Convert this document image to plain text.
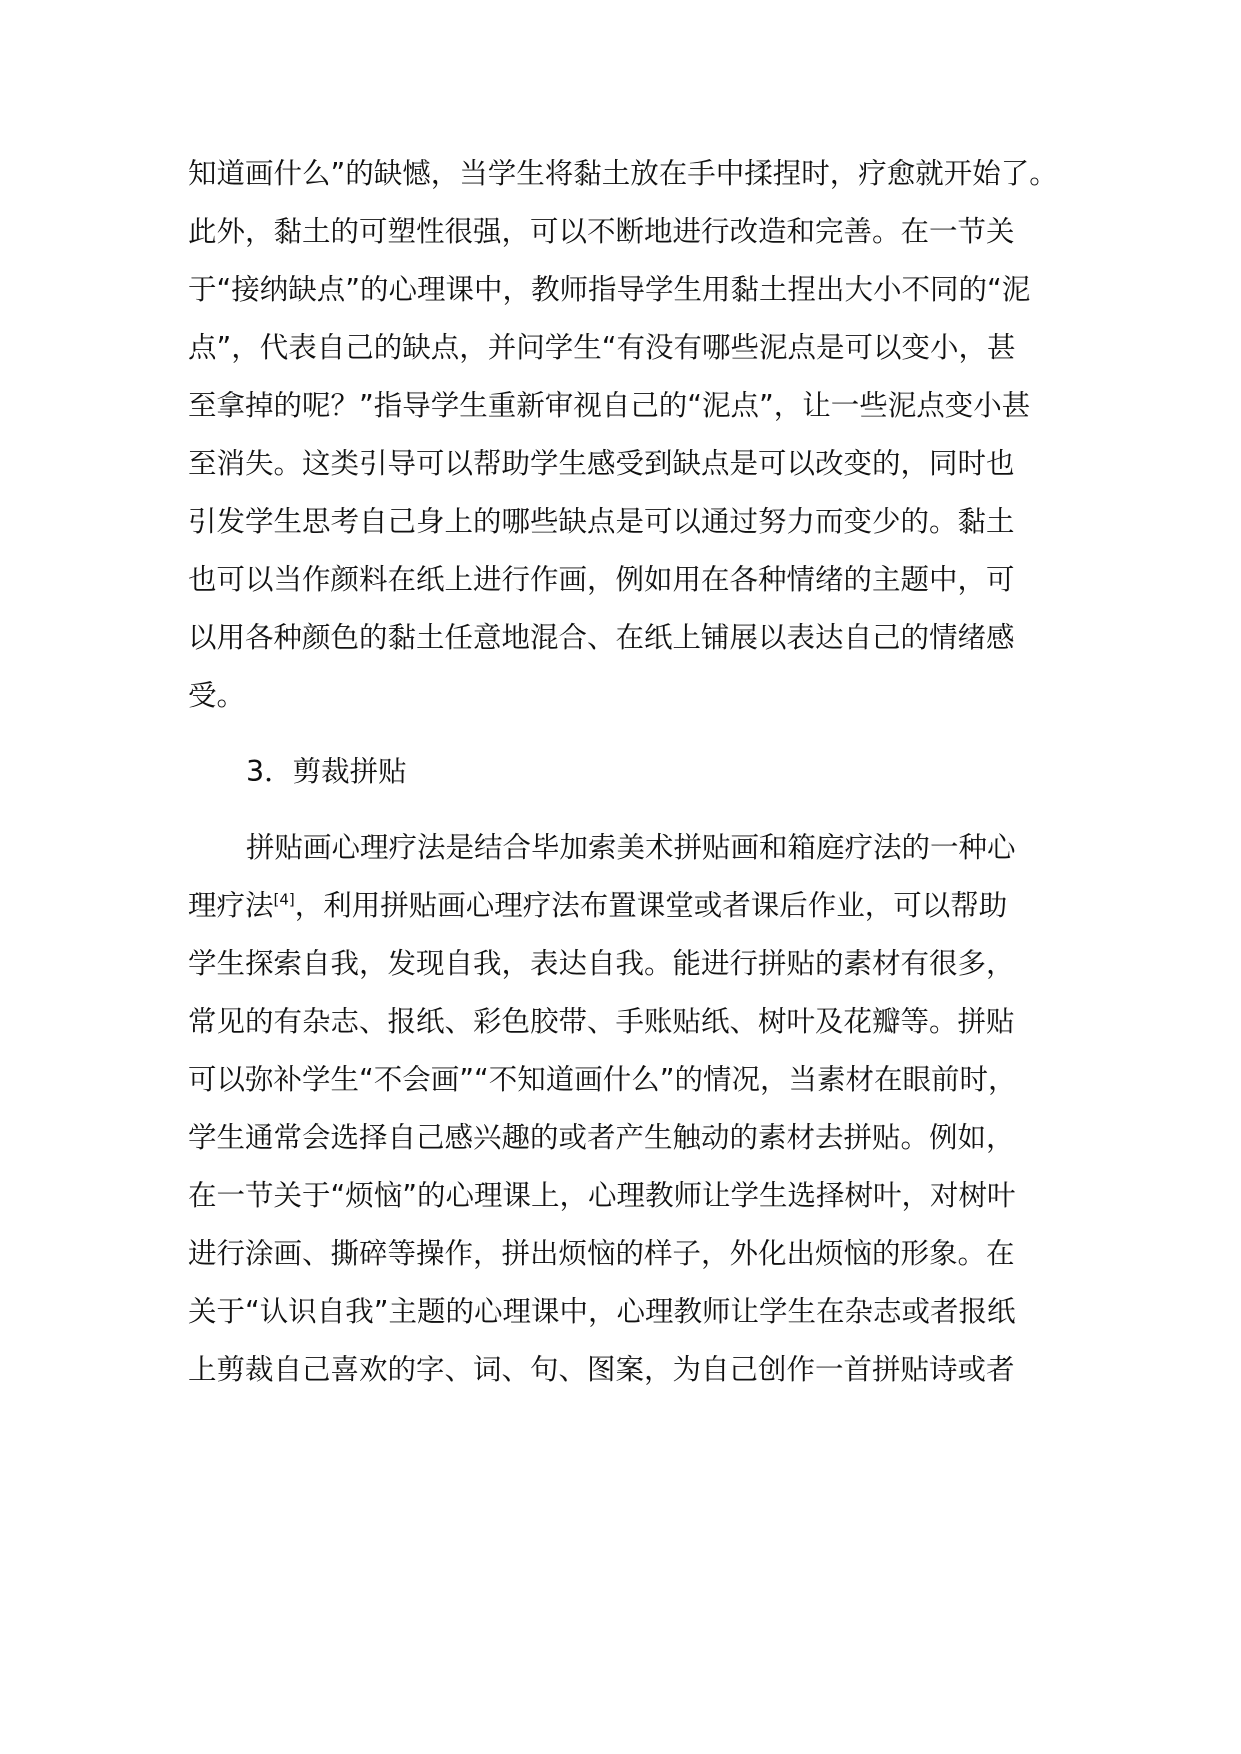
知道画什么”的缺憾，当学生将黏土放在手中揉捏时，疗愈就开始了。
此外，黏土的可塑性很强，可以不断地进行改造和完善。在一节关
于“接纳缺点”的心理课中，教师指导学生用黏土捏出大小不同的“泥
点”，代表自己的缺点，并问学生“有没有哪些泥点是可以变小，甚
至拿掉的呢？”指导学生重新审视自己的“泥点”，让一些泥点变小甚
至消失。这类引导可以帮助学生感受到缺点是可以改变的，同时也
引发学生思考自己身上的哪些缺点是可以通过努力而变少的。黏土
也可以当作颜料在纸上进行作画，例如用在各种情绪的主题中，可
以用各种颜色的黏土任意地混合、在纸上铺展以表达自己的情绪感
受。
3．剪裁拼贴
拼贴画心理疗法是结合毕加索美术拼贴画和箱庭疗法的一种心
理疗法[4]，利用拼贴画心理疗法布置课堂或者课后作业，可以帮助
学生探索自我，发现自我，表达自我。能进行拼贴的素材有很多，
常见的有杂志、报纸、彩色胶带、手账贴纸、树叶及花瓣等。拼贴
可以弥补学生“不会画”“不知道画什么”的情况，当素材在眼前时，
学生通常会选择自己感兴趣的或者产生触动的素材去拼贴。例如，
在一节关于“烦恼”的心理课上，心理教师让学生选择树叶，对树叶
进行涂画、撕碎等操作，拼出烦恼的样子，外化出烦恼的形象。在
关于“认识自我”主题的心理课中，心理教师让学生在杂志或者报纸
上剪裁自己喜欢的字、词、句、图案，为自己创作一首拼贴诗或者
